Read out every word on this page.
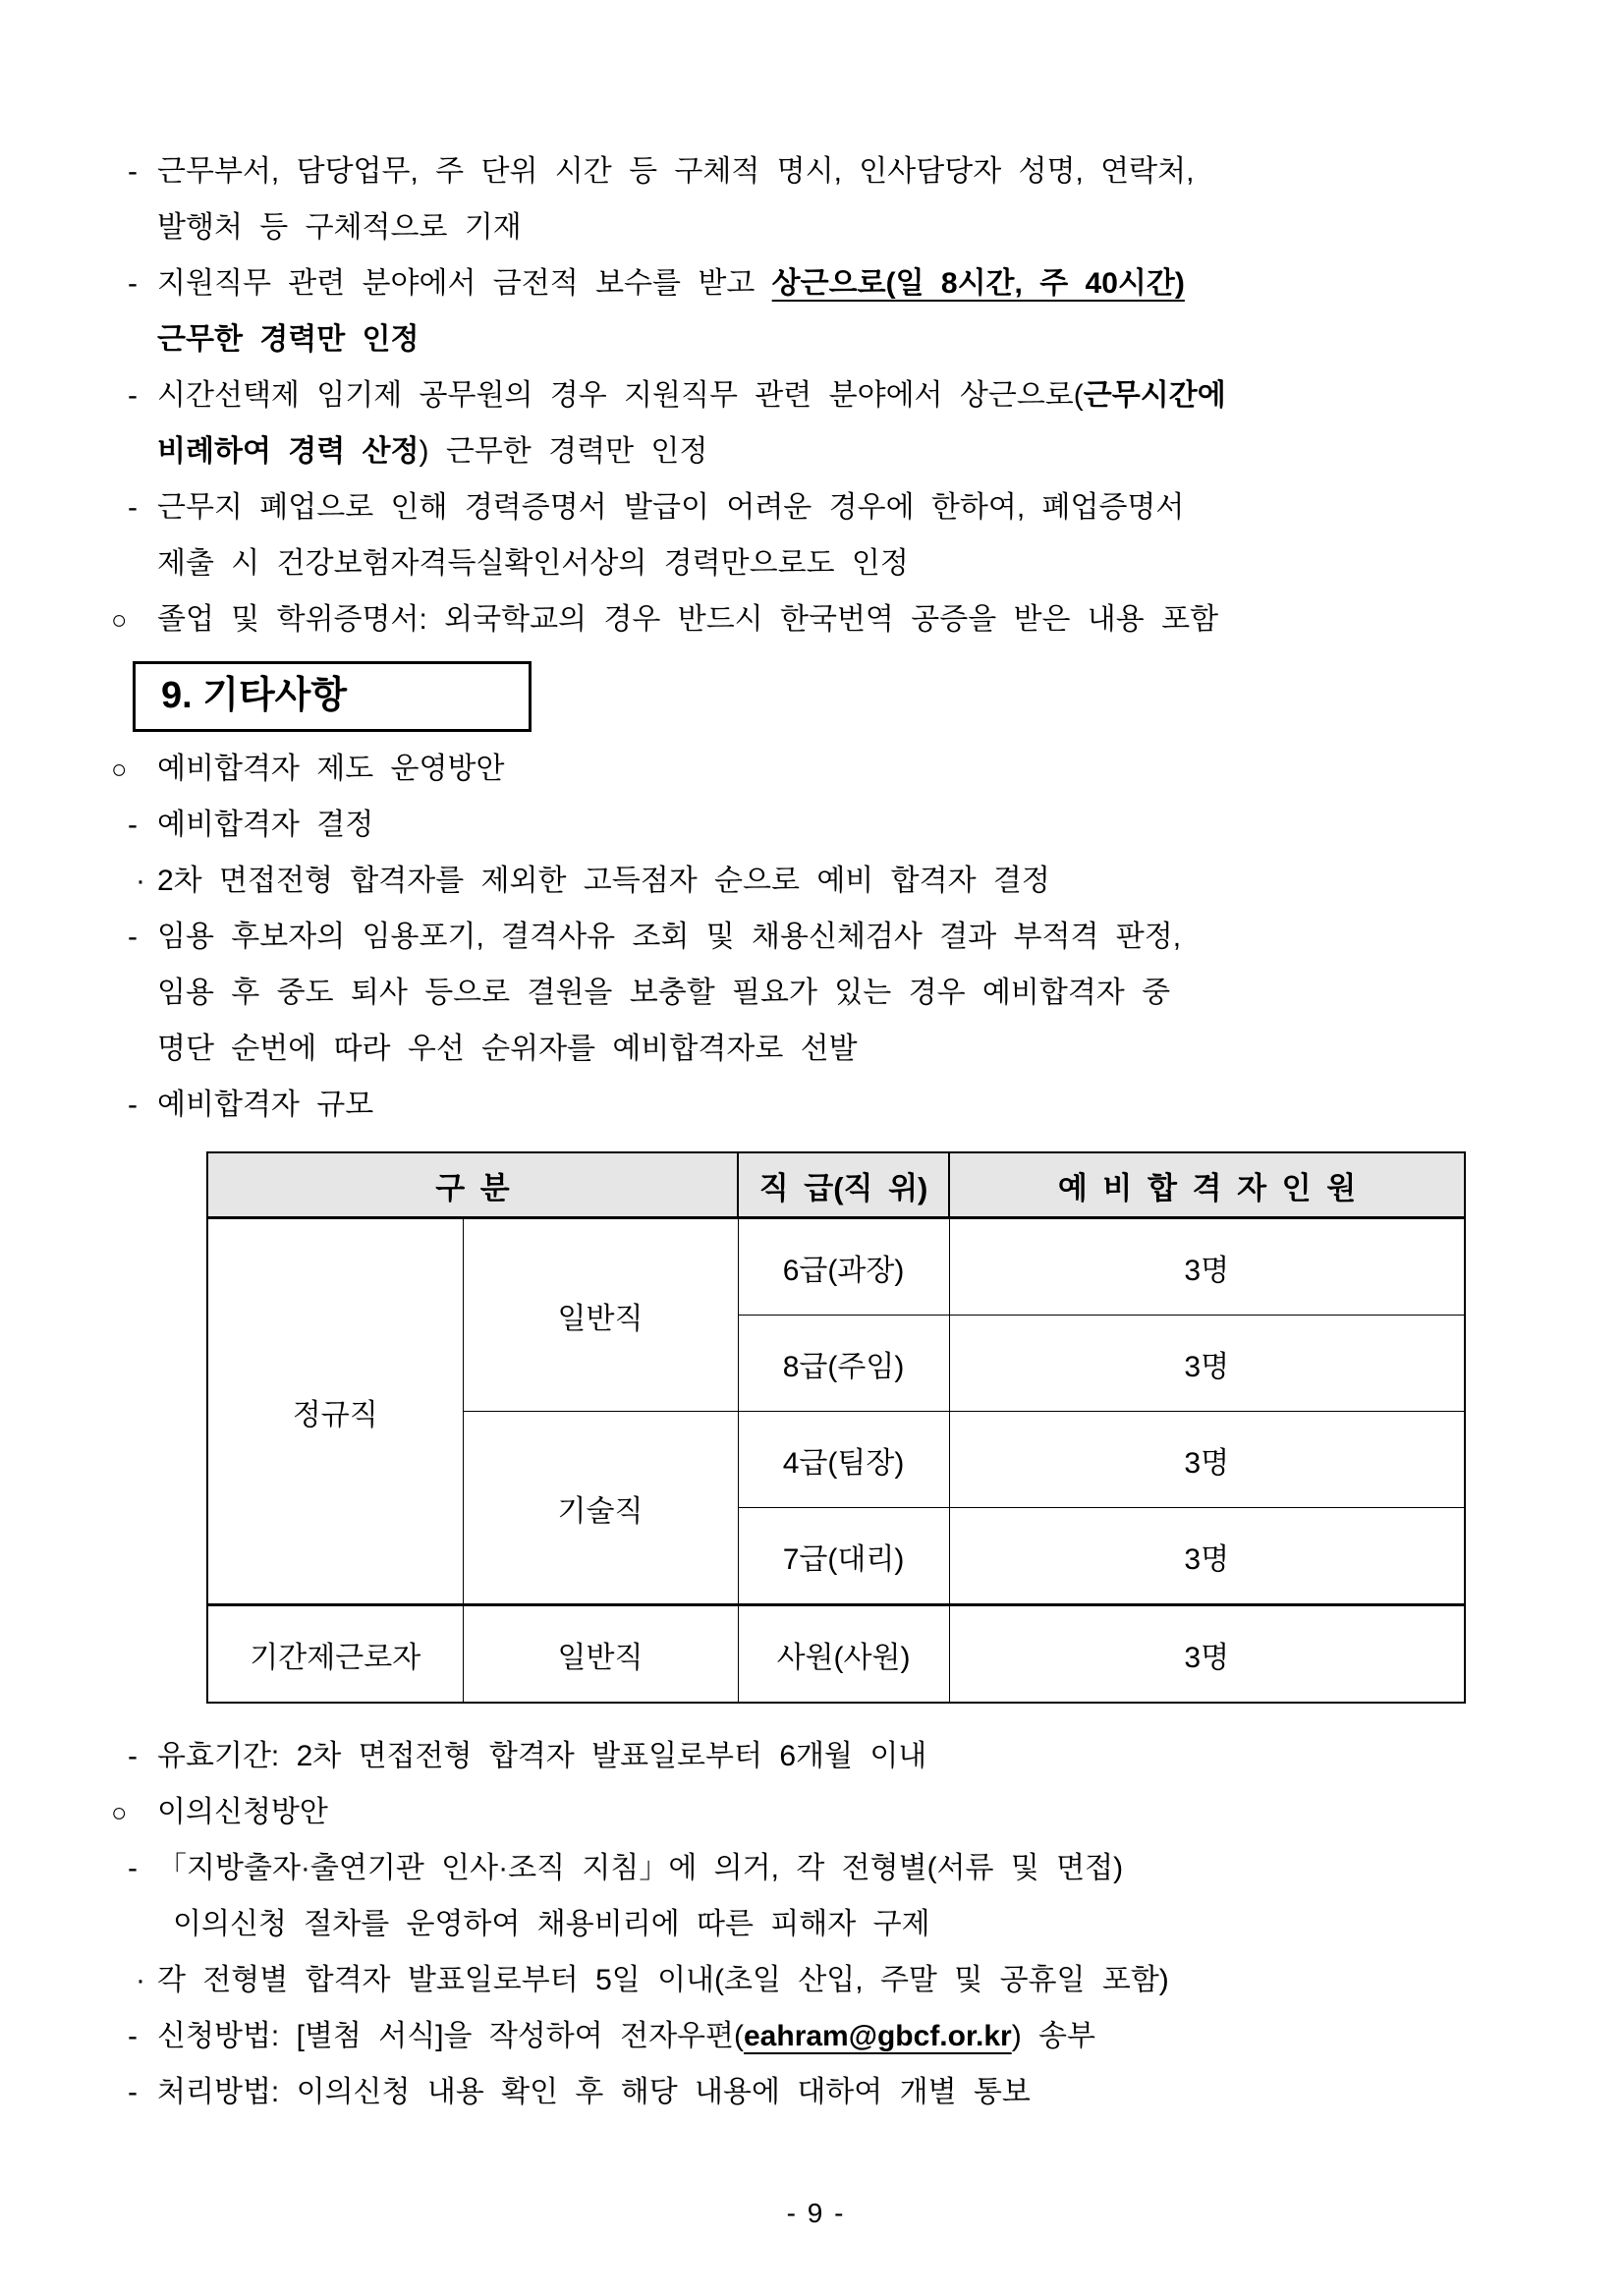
- 근무부서, 담당업무, 주 단위 시간 등 구체적 명시, 인사담당자 성명, 연락처,
발행처 등 구체적으로 기재
- 지원직무 관련 분야에서 금전적 보수를 받고 상근으로(일 8시간, 주 40시간)
근무한 경력만 인정
- 시간선택제 임기제 공무원의 경우 지원직무 관련 분야에서 상근으로(근무시간에
비례하여 경력 산정) 근무한 경력만 인정
- 근무지 폐업으로 인해 경력증명서 발급이 어려운 경우에 한하여, 폐업증명서
제출 시 건강보험자격득실확인서상의 경력만으로도 인정
○ 졸업 및 학위증명서: 외국학교의 경우 반드시 한국번역 공증을 받은 내용 포함
9. 기타사항
○ 예비합격자 제도 운영방안
- 예비합격자 결정
· 2차 면접전형 합격자를 제외한 고득점자 순으로 예비 합격자 결정
- 임용 후보자의 임용포기, 결격사유 조회 및 채용신체검사 결과 부적격 판정,
임용 후 중도 퇴사 등으로 결원을 보충할 필요가 있는 경우 예비합격자 중
명단 순번에 따라 우선 순위자를 예비합격자로 선발
- 예비합격자 규모
구 분		직 급(직 위)	예 비 합 격 자 인 원
정규직	일반직	6급(과장)	3명
		8급(주임)	3명
	기술직	4급(팀장)	3명
		7급(대리)	3명
기간제근로자	일반직	사원(사원)	3명
- 유효기간: 2차 면접전형 합격자 발표일로부터 6개월 이내
○ 이의신청방안
- 「지방출자·출연기관 인사·조직 지침」에 의거, 각 전형별(서류 및 면접)
이의신청 절차를 운영하여 채용비리에 따른 피해자 구제
· 각 전형별 합격자 발표일로부터 5일 이내(초일 산입, 주말 및 공휴일 포함)
- 신청방법: [별첨 서식]을 작성하여 전자우편(eahram@gbcf.or.kr) 송부
- 처리방법: 이의신청 내용 확인 후 해당 내용에 대하여 개별 통보
- 9 -
